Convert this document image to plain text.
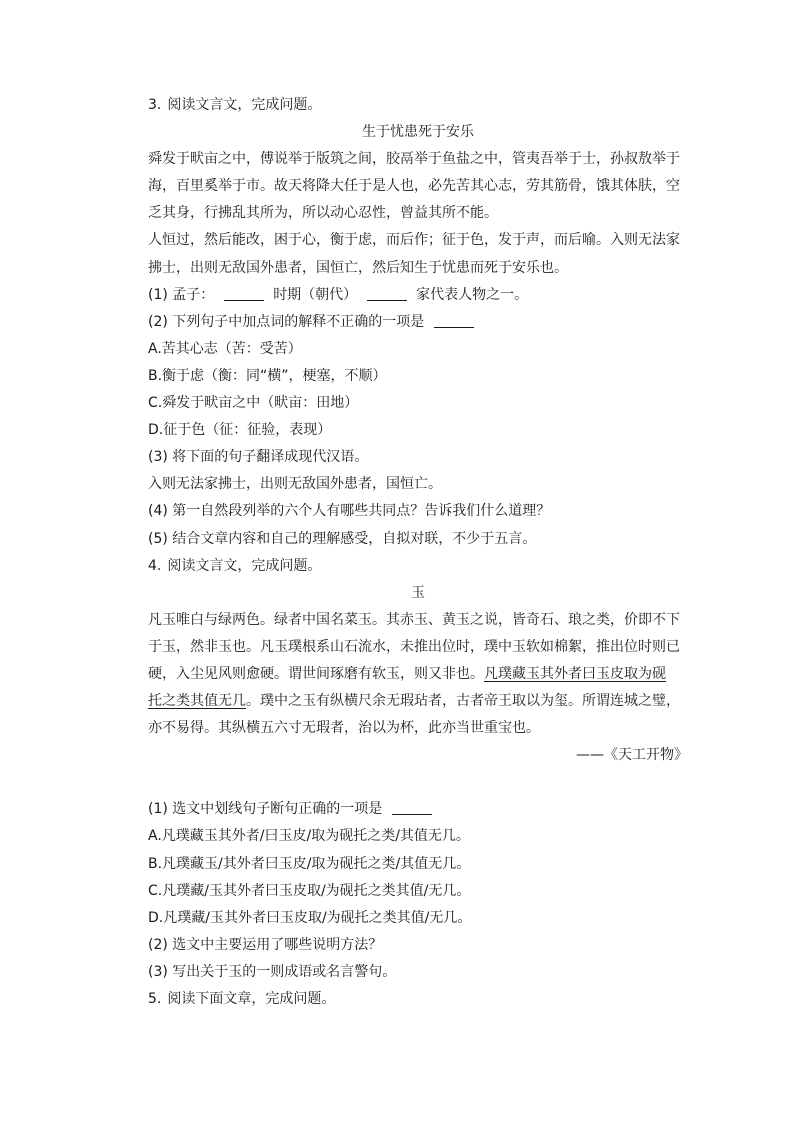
3. 阅读文言文，完成问题。
生于忧患死于安乐
舜发于畎亩之中，傅说举于版筑之间，胶鬲举于鱼盐之中，管夷吾举于士，孙叔敖举于
海，百里奚举于市。故天将降大任于是人也，必先苦其心志，劳其筋骨，饿其体肤，空
乏其身，行拂乱其所为，所以动心忍性，曾益其所不能。
人恒过，然后能改，困于心，衡于虑，而后作；征于色，发于声，而后喻。入则无法家
拂士，出则无敌国外患者，国恒亡，然后知生于忧患而死于安乐也。
(1) 孟子：	时期（朝代）	家代表人物之一。
(2) 下列句子中加点词的解释不正确的一项是
A.苦其心志（苦：受苦）
B.衡于虑（衡：同“横”，梗塞，不顺）
C.舜发于畎亩之中（畎亩：田地）
D.征于色（征：征验，表现）
(3) 将下面的句子翻译成现代汉语。
入则无法家拂士，出则无敌国外患者，国恒亡。
(4) 第一自然段列举的六个人有哪些共同点？告诉我们什么道理？
(5) 结合文章内容和自己的理解感受，自拟对联，不少于五言。
4. 阅读文言文，完成问题。
玉
凡玉唯白与绿两色。绿者中国名菜玉。其赤玉、黄玉之说，皆奇石、琅之类，价即不下
于玉，然非玉也。凡玉璞根系山石流水，未推出位时，璞中玉软如棉絮，推出位时则已
硬，入尘见风则愈硬。谓世间琢磨有软玉，则又非也。凡璞藏玉其外者曰玉皮取为砚
托之类其值无几。璞中之玉有纵横尺余无瑕玷者，古者帝王取以为玺。所谓连城之璧，
亦不易得。其纵横五六寸无瑕者，治以为杯，此亦当世重宝也。
——《天工开物》
(1) 选文中划线句子断句正确的一项是
A.凡璞藏玉其外者/曰玉皮/取为砚托之类/其值无几。
B.凡璞藏玉/其外者曰玉皮/取为砚托之类/其值无几。
C.凡璞藏/玉其外者曰玉皮取/为砚托之类其值/无几。
D.凡璞藏/玉其外者曰玉皮取/为砚托之类其值/无几。
(2) 选文中主要运用了哪些说明方法？
(3) 写出关于玉的一则成语或名言警句。
5. 阅读下面文章，完成问题。
